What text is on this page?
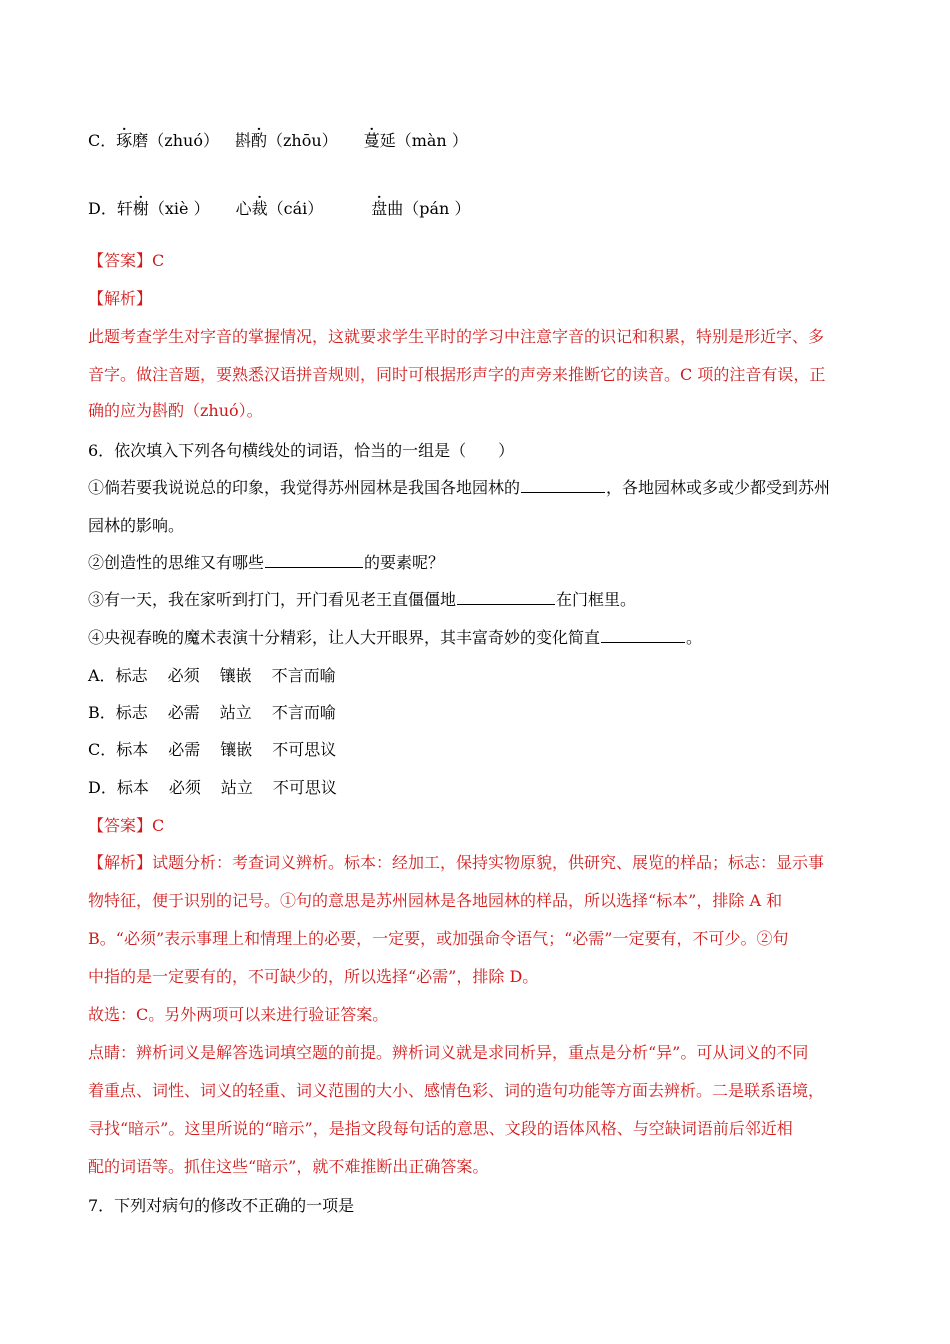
C．琢磨（zhuó） 斟酌（zhōu） 蔓延（màn ）
D．轩榭（xiè ） 心裁（cái）	盘曲（pán ）
【答案】C
【解析】
此题考查学生对字音的掌握情况，这就要求学生平时的学习中注意字音的识记和积累，特别是形近字、多
音字。做注音题，要熟悉汉语拼音规则，同时可根据形声字的声旁来推断它的读音。C 项的注音有误，正
确的应为斟酌（zhuó）。
6．依次填入下列各句横线处的词语，恰当的一组是（　　）
①倘若要我说说总的印象，我觉得苏州园林是我国各地园林的	，各地园林或多或少都受到苏州
园林的影响。
②创造性的思维又有哪些	的要素呢？
③有一天，我在家听到打门，开门看见老王直僵僵地	在门框里。
④央视春晚的魔术表演十分精彩，让人大开眼界，其丰富奇妙的变化简直	。
A．标志 必须 镶嵌 不言而喻
B．标志 必需 站立 不言而喻
C．标本 必需 镶嵌 不可思议
D．标本 必须 站立 不可思议
【答案】C
【解析】试题分析：考查词义辨析。标本：经加工，保持实物原貌，供研究、展览的样品；标志：显示事
物特征，便于识别的记号。①句的意思是苏州园林是各地园林的样品，所以选择“标本”，排除 A 和
B。“必须”表示事理上和情理上的必要，一定要，或加强命令语气；“必需”一定要有，不可少。②句
中指的是一定要有的，不可缺少的，所以选择“必需”，排除 D。
故选：C。另外两项可以来进行验证答案。
点睛：辨析词义是解答选词填空题的前提。辨析词义就是求同析异，重点是分析“异”。可从词义的不同
着重点、词性、词义的轻重、词义范围的大小、感情色彩、词的造句功能等方面去辨析。二是联系语境，
寻找“暗示”。这里所说的“暗示”，是指文段每句话的意思、文段的语体风格、与空缺词语前后邻近相
配的词语等。抓住这些“暗示”，就不难推断出正确答案。
7．下列对病句的修改不正确的一项是
